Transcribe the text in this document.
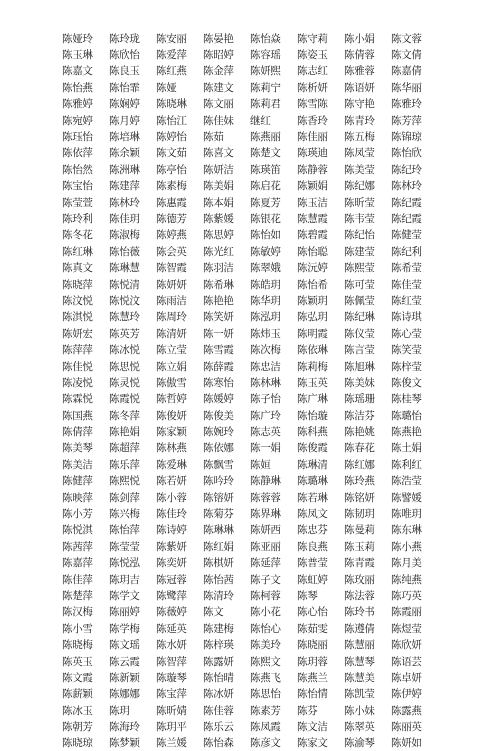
陈娅玲	陈玲珑	陈安丽	陈晏艳	陈怡焱	陈守莉	陈小娟	陈文蓉
陈玉琳	陈欣怡	陈爱萍	陈昭婷	陈容瑶	陈姿玉	陈倩蓉	陈文倩
陈嘉文	陈良玉	陈红燕	陈金萍	陈妍熙	陈志红	陈雅蓉	陈嘉倩
陈怡燕	陈怡霏	陈娅	陈建文	陈莉宁	陈析妍	陈语妍	陈华丽
陈雅婷	陈娴婷	陈晓琳	陈文丽	陈莉君	陈雪陈	陈守艳	陈雅玲
陈宛婷	陈月婷	陈怡江	陈佳妹	继红	陈香玲	陈青玲	陈芳萍
陈珏怡	陈培琳	陈婷怡	陈茹	陈燕丽	陈佳丽	陈五梅	陈锦琼
陈依萍	陈余颖	陈文茹	陈喜文	陈楚文	陈瑛迪	陈凤莹	陈怡欣
陈怡然	陈洲琳	陈亭怡	陈妍洁	陈瑛笛	陈静蓉	陈美莹	陈纪玲
陈宝怡	陈建萍	陈素梅	陈美娟	陈启花	陈颖娟	陈纪娜	陈林玲
陈莹萱	陈林玲	陈惠霞	陈本娟	陈夏芳	陈玉洁	陈昕莹	陈纪霞
陈玲利	陈佳玥	陈德芳	陈紫媛	陈银花	陈慧霞	陈韦莹	陈纪霞
陈冬花	陈淑梅	陈婷燕	陈思婷	陈怡如	陈碧霞	陈纪怡	陈健莹
陈红琳	陈怡薇	陈会英	陈光红	陈敏婷	陈怡聪	陈建莹	陈纪利
陈真文	陈琳慧	陈智霞	陈羽洁	陈翠娥	陈沅婷	陈熙莹	陈希莹
陈晓萍	陈悦清	陈妍妍	陈希琳	陈皓玥	陈怡希	陈可莹	陈佳莹
陈汶悦	陈悦汶	陈雨洁	陈艳艳	陈华玥	陈颖玥	陈佩莹	陈红莹
陈淇悦	陈慧玲	陈周玲	陈笑妍	陈泓玥	陈弘玥	陈纪琳	陈诗琪
陈妍宏	陈英芳	陈清妍	陈一妍	陈炜玉	陈明霞	陈仪莹	陈心莹
陈萍萍	陈冰悦	陈立莹	陈雪霞	陈次梅	陈依琳	陈言莹	陈笑莹
陈佳悦	陈思悦	陈立娟	陈薛霞	陈忠洁	陈莉梅	陈旭琳	陈梓莹
陈凌悦	陈灵悦	陈傲雪	陈寒怡	陈林琳	陈玉英	陈美妹	陈俊文
陈霖悦	陈霞悦	陈哲婷	陈媛婷	陈子怡	陈广琳	陈瑶珊	陈桂琴
陈国燕	陈冬萍	陈俊妍	陈俊美	陈广玲	陈怡璇	陈洁芬	陈璐怡
陈倩萍	陈艳娟	陈家颖	陈婉玲	陈志英	陈科燕	陈艳姚	陈燕艳
陈美琴	陈超萍	陈林燕	陈依娜	陈一娟	陈俊霞	陈春花	陈土娟
陈美洁	陈乐萍	陈爱琳	陈飘雪	陈姮	陈琳清	陈红娜	陈利红
陈健萍	陈熙悦	陈若妍	陈吟玲	陈静琳	陈璐琳	陈玲燕	陈浩莹
陈映萍	陈剑萍	陈小蓉	陈镕妍	陈蓉蓉	陈若琳	陈铭妍	陈譬媛
陈小芳	陈兴梅	陈佳玲	陈菊芬	陈界琳	陈凤文	陈韧玥	陈唯玥
陈悦淇	陈怡萍	陈诗婷	陈琳琳	陈妍西	陈忠芬	陈曼莉	陈东琳
陈茜萍	陈莹莹	陈紫妍	陈红娟	陈亚丽	陈良燕	陈玉莉	陈小燕
陈嘉萍	陈悦泓	陈奕妍	陈棋妍	陈延萍	陈普莹	陈青霞	陈月美
陈佳萍	陈玥吉	陈冠蓉	陈怡茜	陈子文	陈虹婷	陈玫丽	陈纯燕
陈楚萍	陈学文	陈鹭萍	陈清玲	陈柯蓉	陈琴	陈法蓉	陈巧英
陈汉梅	陈丽婷	陈薇婷	陈文	陈小花	陈心怡	陈玲书	陈霞丽
陈小雪	陈学梅	陈延英	陈建梅	陈怡心	陈茹雯	陈遵倩	陈煜莹
陈晓梅	陈文瑶	陈水妍	陈梓瑛	陈美玲	陈晓丽	陈慧丽	陈欣妍
陈英玉	陈云霞	陈智萍	陈露妍	陈熙文	陈玥蓉	陈慧琴	陈语芸
陈文霞	陈新颖	陈璇琴	陈怡晴	陈燕飞	陈燕兰	陈慧美	陈卓妍
陈薪颖	陈娜娜	陈宝萍	陈冰妍	陈思怡	陈怡情	陈凯莹	陈伊婷
陈冰玉	陈玥	陈昕婧	陈佳蓉	陈素芳	陈芬	陈小妹	陈露燕
陈朝芳	陈海玲	陈玥平	陈乐云	陈凤霞	陈文洁	陈翠英	陈丽英
陈晓琼	陈梦颖	陈兰媛	陈怡森	陈彦文	陈家文	陈渝琴	陈妍如
